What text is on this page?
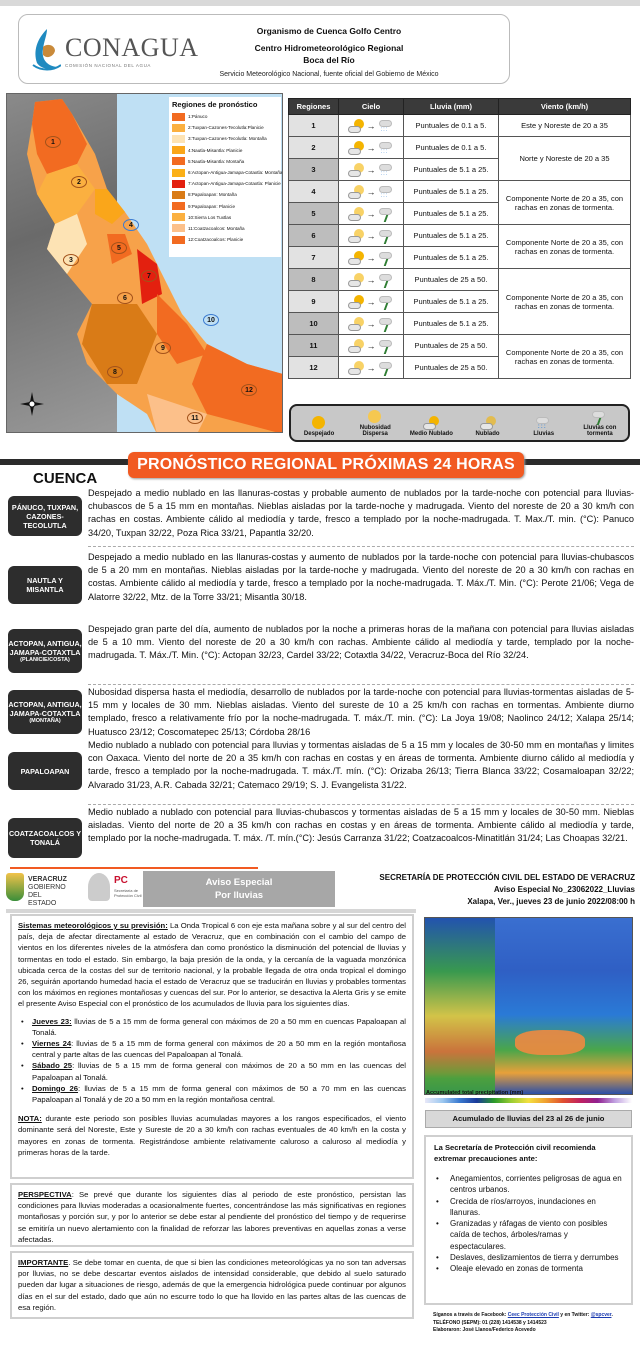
CONAGUA
COMISIÓN NACIONAL DEL AGUA
Organismo de Cuenca Golfo Centro
Centro Hidrometeorológico Regional
Boca del Río
Servicio Meteorológico Nacional, fuente oficial del Gobierno de México
Regiones de pronóstico
1:Pánuco
2:Tuxpan-Cazones-Tecolutla:Planicie
3:Tuxpan-Cazones-Tecolutla: Montaña
4:Nautla-Misantla: Planicie
5:Nautla-Misantla: Montaña
6:Actopan-Antigua-Jamapa-Cotaxtla: Montaña
7:Actopan-Antigua-Jamapa-Cotaxtla: Planicie
8:Papaloapan: Montaña
9:Papaloapan: Planicie
10:Sierra Los Tuxtlas
11:Coatzacoalcos: Montaña
12:Coatzacoalcos: Planicie
1
2
3
4
5
6
7
8
9
10
11
12
Regiones	Cielo	Lluvia (mm)	Viento (km/h)
1	→ :::	Puntuales de 0.1 a 5.	Este y Noreste de 20 a 35
2	→ :::	Puntuales de 0.1 a 5.	Norte y Noreste de 20 a 35
3	→ :::	Puntuales de 5.1 a 25.	
4	→ :::	Puntuales de 5.1 a 25.	Componente Norte de 20 a 35, con rachas en zonas de tormenta.
5	→	Puntuales de 5.1 a 25.	
6	→	Puntuales de 5.1 a 25.	Componente Norte de 20 a 35, con rachas en zonas de tormenta.
7	→	Puntuales de 5.1 a 25.	
8	→	Puntuales de 25 a 50.	Componente Norte de 20 a 35, con rachas en zonas de tormenta.
9	→	Puntuales de 5.1 a 25.	
10	→	Puntuales de 5.1 a 25.	
11	→	Puntuales de 25 a 50.	Componente Norte de 20 a 35, con rachas en zonas de tormenta.
12	→	Puntuales de 25 a 50.	
Despejado
Nubosidad Dispersa	Medio Nublado	Nublado
:::
Lluvias
Lluvias con tormenta
PRONÓSTICO REGIONAL PRÓXIMAS 24 HORAS
CUENCA
PÁNUCO, TUXPAN, CAZONES-TECOLUTLA
Despejado a medio nublado en las llanuras-costas y probable aumento de nublados por la tarde-noche con potencial para lluvias-chubascos de 5 a 15 mm en montañas. Nieblas aisladas por la tarde-noche y madrugada. Viento del noreste de 20 a 30 km/h con rachas en costas. Ambiente cálido al mediodía y tarde, fresco a templado por la noche-madrugada. T. Max./T. min. (°C): Panuco 34/20, Tuxpan 32/22, Poza Rica 33/21, Papantla 32/20.
NAUTLA Y MISANTLA
Despejado a medio nublado en las llanuras-costas y aumento de nublados por la tarde-noche con potencial para lluvias-chubascos de 5 a 20 mm en montañas. Nieblas aisladas por la tarde-noche y madrugada. Viento del noreste de 20 a 30 km/h con rachas en costas. Ambiente cálido al mediodía y tarde, fresco a templado por la noche-madrugada. T. Máx./T. Min. (°C): Perote 21/06; Vega de Alatorre 32/22, Mtz. de la Torre 33/21; Misantla 30/18.
ACTOPAN, ANTIGUA, JAMAPA-COTAXTLA
(PLANICIE/COSTA)
Despejado gran parte del día, aumento de nublados por la noche a primeras horas de la mañana con potencial para lluvias aisladas de 5 a 10 mm. Viento del noreste de 20 a 30 km/h con rachas. Ambiente cálido al mediodía y tarde, templado por la noche-madrugada. T. Máx./T. Min. (°C): Actopan 32/23, Cardel 33/22; Cotaxtla 34/22, Veracruz-Boca del Río 32/24.
ACTOPAN, ANTIGUA, JAMAPA-COTAXTLA
(MONTAÑA)
Nubosidad dispersa hasta el mediodía, desarrollo de nublados por la tarde-noche con potencial para lluvias-tormentas aisladas de 5-15 mm y locales de 30 mm. Nieblas aisladas. Viento del sureste de 10 a 25 km/h con rachas en tormentas. Ambiente diurno templado, fresco a relativamente frío por la noche-madrugada. T. máx./T. min. (°C): La Joya 19/08; Naolinco 24/12; Xalapa 25/14; Huatusco 23/12; Coscomatepec 25/13; Córdoba 28/16
PAPALOAPAN
Medio nublado a nublado con potencial para lluvias y tormentas aisladas de 5 a 15 mm y locales de 30-50 mm en montañas y limites con Oaxaca. Viento del norte de 20 a 35 km/h con rachas en costas y en áreas de tormenta. Ambiente diurno cálido al mediodía y tarde, fresco a templado por la noche-madrugada. T. máx./T. mín. (°C): Orizaba 26/13; Tierra Blanca 33/22; Cosamaloapan 32/22; Alvarado 31/23, A.R. Cabada 32/21; Catemaco 29/19; S. J. Evangelista 31/22.
COATZACOALCOS Y TONALÁ
Medio nublado a nublado con potencial para lluvias-chubascos y tormentas aisladas de 5 a 15 mm y locales de 30-50 mm. Nieblas aisladas. Viento del norte de 20 a 35 km/h con rachas en costas y en áreas de tormenta. Ambiente cálido al mediodía y tarde, templado por la noche-madrugada. T. máx. /T. mín.(°C): Jesús Carranza 31/22; Coatzacoalcos-Minatitlán 31/24; Las Choapas 32/21.
VERACRUZ
GOBIERNO
DEL ESTADO
PC
Secretaría de Protección Civil
Aviso Especial
Por lluvias
SECRETARÍA DE PROTECCIÓN CIVIL DEL ESTADO DE VERACRUZ
Aviso Especial No_23062022_Lluvias
Xalapa, Ver., jueves 23 de junio 2022/08:00 h

Sistemas meteorológicos y su previsión: La Onda Tropical 6 con eje esta mañana sobre y al sur del centro del país, deja de afectar directamente al estado de Veracruz, que en combinación con el cambio del campo de vientos en los diferentes niveles de la atmósfera dan como pronóstico la disminución del potencial de lluvias y tormentas en todo el estado. Sin embargo, la baja presión de la onda, y la cercanía de la vaguada monzónica ubicada cerca de la costas del sur de territorio nacional, y la probable llegada de otra onda tropical el domingo 26, seguirán aportando humedad hacia el estado de Veracruz que se traducirán en lluvias y probables tormentas con los máximos en regiones montañosas y cuencas del sur. Por lo anterior, se desactiva la Alerta Gris y se emite el presente Aviso Especial con el pronóstico de los acumulados de lluvia para los siguientes días.

• Jueves 23: lluvias de 5 a 15 mm de forma general con máximos de 20 a 50 mm en cuencas Papaloapan al Tonalá.
• Viernes 24: lluvias de 5 a 15 mm de forma general con máximos de 20 a 50 mm en la región montañosa central y parte altas de las cuencas del Papaloapan al Tonalá.
• Sábado 25: lluvias de 5 a 15 mm de forma general con máximos de 20 a 50 mm en las cuencas del Papaloapan al Tonalá.
• Domingo 26: lluvias de 5 a 15 mm de forma general con máximos de 50 a 70 mm en las cuencas Papaloapan al Tonalá y de 20 a 50 mm en la región montañosa central.

NOTA: durante este periodo son posibles lluvias acumuladas mayores a los rangos especificados, el viento dominante será del Noreste, Este y Sureste de 20 a 30 km/h con rachas eventuales de 40 km/h en la costa y mayores en zonas de tormenta. Registrándose ambiente relativamente caluroso a caluroso al mediodía y primeras horas de la tarde.

PERSPECTIVA: Se prevé que durante los siguientes días al periodo de este pronóstico, persistan las condiciones para lluvias moderadas a ocasionalmente fuertes, concentrándose las más significativas en regiones montañosas y porción sur, y por lo anterior se debe estar al pendiente del pronóstico del tiempo y de requerirse se emitiría un nuevo alertamiento con la finalidad de reforzar las labores preventivas en aquellas zonas a verse afectadas.

IMPORTANTE. Se debe tomar en cuenta, de que si bien las condiciones meteorológicas ya no son tan adversas por lluvias, no se debe descartar eventos aislados de intensidad considerable, que debido al suelo saturado pueden dar lugar a situaciones de riesgo, además de que la emergencia hidrológica puede continuar por algunos días en el sur del estado, dado que aún no escurre todo lo que ha llovido en las partes altas de las cuencas de esa región.

Accumulated total precipitation (mm)
Acumulado de lluvias del 23 al 26 de junio
La Secretaría de Protección civil recomienda extremar precauciones ante:
• Anegamientos, corrientes peligrosas de agua en centros urbanos.
• Crecida de ríos/arroyos, inundaciones en llanuras.
• Granizadas y ráfagas de viento con posibles caída de techos, árboles/ramas y espectaculares.
• Deslaves, deslizamientos de tierra y derrumbes
• Oleaje elevado en zonas de tormenta
Síganos a través de Facebook: Ceec Protección Civil y en Twitter: @spcver. TELÉFONO (SEPM): 01 (228) 1414538 y 1414523
Elaboraron: José Llanos/Federico Acevedo
